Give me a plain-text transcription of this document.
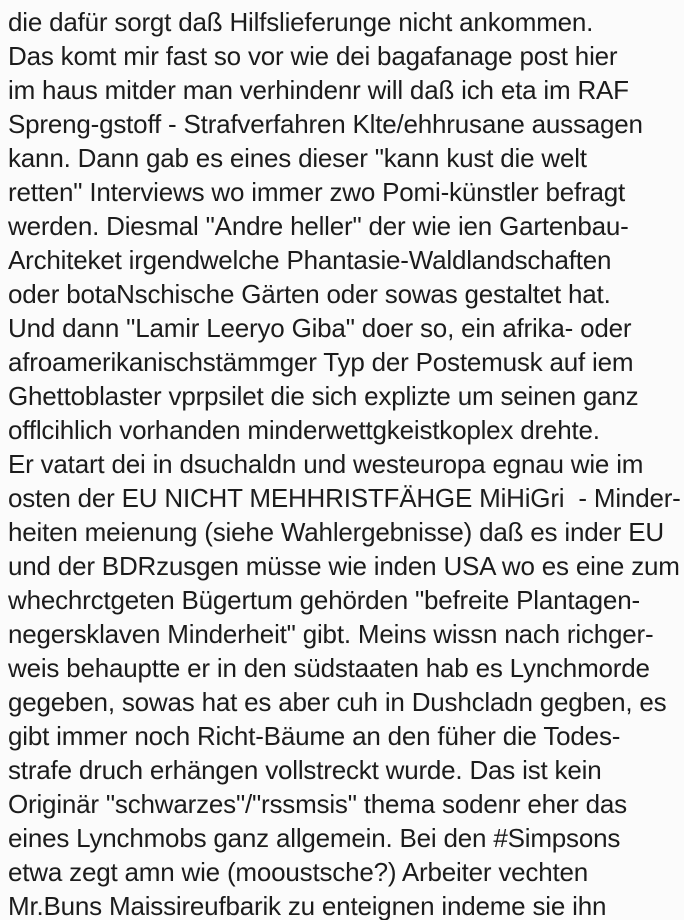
die dafür sorgt daß Hilfslieferunge nicht ankommen.
Das komt mir fast so vor wie dei bagafanage post hier
im haus mitder man verhindenr will daß ich eta im RAF
Spreng-gstoff - Strafverfahren Klte/ehhrusane aussagen
kann. Dann gab es eines dieser "kann kust die welt
retten" Interviews wo immer zwo Pomi-künstler befragt
werden. Diesmal "Andre heller" der wie ien Gartenbau-
Architeket irgendwelche Phantasie-Waldlandschaften
oder botaNschische Gärten oder sowas gestaltet hat.
Und dann "Lamir Leeryo Giba" doer so, ein afrika- oder
afroamerikanischstämmger Typ der Postemusk auf iem
Ghettoblaster vprpsilet die sich explizte um seinen ganz
offlcihlich vorhanden minderwettgkeistkoplex drehte.
Er vatart dei in dsuchaldn und westeuropa egnau wie im
osten der EU NICHT MEHHRISTFÄHGE MiHiGri  - Minder-
heiten meienung (siehe Wahlergebnisse) daß es inder EU
und der BDRzusgen müsse wie inden USA wo es eine zum
whechrctgeten Bügertum gehörden "befreite Plantagen-
negersklaven Minderheit" gibt. Meins wissn nach richger-
weis behauptte er in den südstaaten hab es Lynchmorde
gegeben, sowas hat es aber cuh in Dushcladn gegben, es
gibt immer noch Richt-Bäume an den füher die Todes-
strafe druch erhängen vollstreckt wurde. Das ist kein
Originär "schwarzes"/"rssmsis" thema sodenr eher das
eines Lynchmobs ganz allgemein. Bei den #Simpsons
etwa zegt amn wie (mooustsche?) Arbeiter vechten
Mr.Buns Maissireufbarik zu enteignen indeme sie ihn
